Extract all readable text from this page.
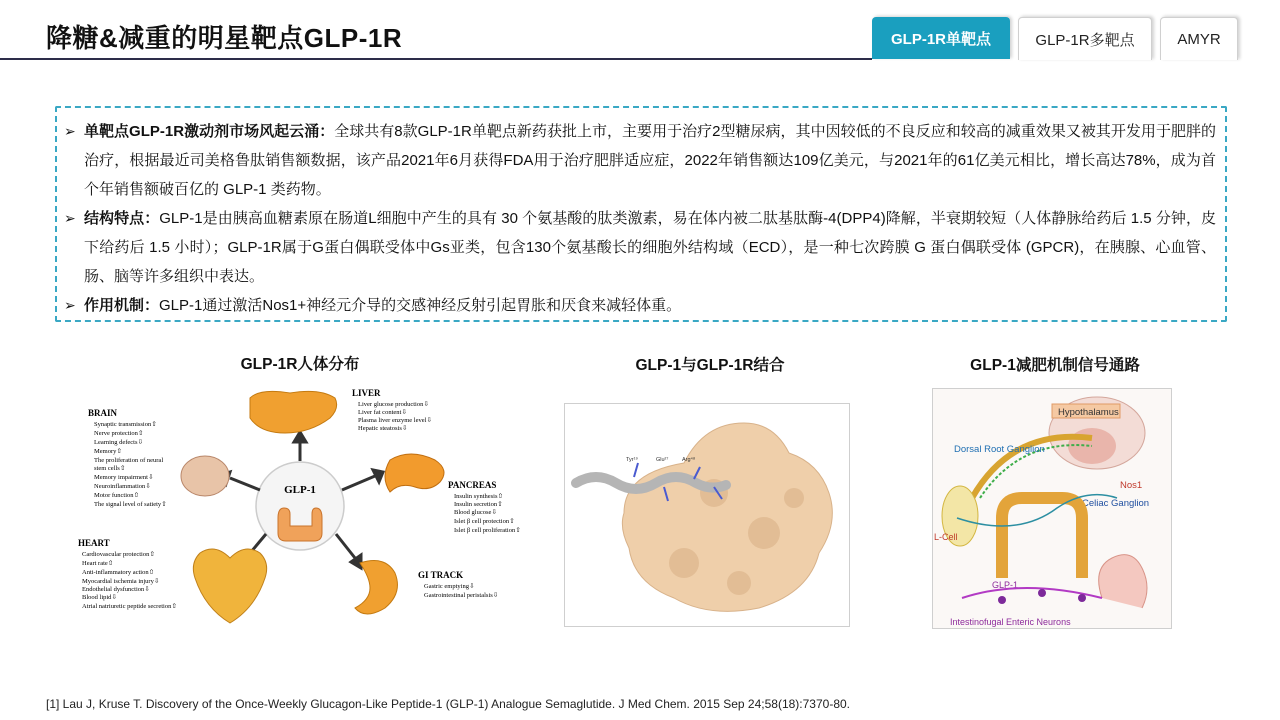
降糖&减重的明星靶点GLP-1R	GLP-1R单靶点	GLP-1R多靶点	AMYR
➢ 单靶点GLP-1R激动剂市场风起云涌：全球共有8款GLP-1R单靶点新药获批上市，主要用于治疗2型糖尿病，其中因较低的不良反应和较高的减重效果又被其开发用于肥胖的治疗，根据最近司美格鲁肽销售额数据，该产品2021年6月获得FDA用于治疗肥胖适应症，2022年销售额达109亿美元，与2021年的61亿美元相比，增长高达78%，成为首个年销售额破百亿的 GLP-1 类药物。
➢ 结构特点：GLP-1是由胰高血糖素原在肠道L细胞中产生的具有 30 个氨基酸的肽类激素，易在体内被二肽基肽酶-4(DPP4)降解，半衰期较短（人体静脉给药后 1.5 分钟，皮下给药后 1.5 小时）；GLP-1R属于G蛋白偶联受体中Gs亚类，包含130个氨基酸长的细胞外结构域（ECD），是一种七次跨膜 G 蛋白偶联受体 (GPCR)，在胰腺、心血管、肠、脑等许多组织中表达。
➢ 作用机制：GLP-1通过激活Nos1+神经元介导的交感神经反射引起胃胀和厌食来减轻体重。
GLP-1R人体分布	GLP-1与GLP-1R结合	GLP-1减肥机制信号通路
GLP-1
BRAIN
Synaptic transmission⇧
Nerve protection⇧
Learning defects⇩
Memory⇧
The proliferation of neural
stem cells⇧
Memory impairment⇩
Neuroinflammation⇩
Motor function⇧
The signal level of satiety⇧
LIVER
Liver glucose production⇩
Liver fat content⇩
Plasma liver enzyme level⇩
Hepatic steatosis⇩
PANCREAS
Insulin synthesis⇧
Insulin secretion⇧
Blood glucose⇩
Islet β cell protection⇧
Islet β cell proliferation⇧
HEART
Cardiovascular protection⇧
Heart rate⇧
Anti-inflammatory action⇧
Myocardial ischemia injury⇩
Endothelial dysfunction⇩
Blood lipid⇩
Atrial natriuretic peptide secretion⇧
GI TRACK
Gastric emptying⇩
Gastrointestinal peristalsis⇩
Tyr¹⁹	Glu²⁷ Arg⁴⁸
Hypothalamus
Dorsal Root Ganglion
Nos1
Celiac Ganglion
L-Cell
GLP-1
Intestinofugal Enteric Neurons
[1] Lau J, Kruse T. Discovery of the Once-Weekly Glucagon-Like Peptide-1 (GLP-1) Analogue Semaglutide. J Med Chem. 2015 Sep 24;58(18):7370-80.
